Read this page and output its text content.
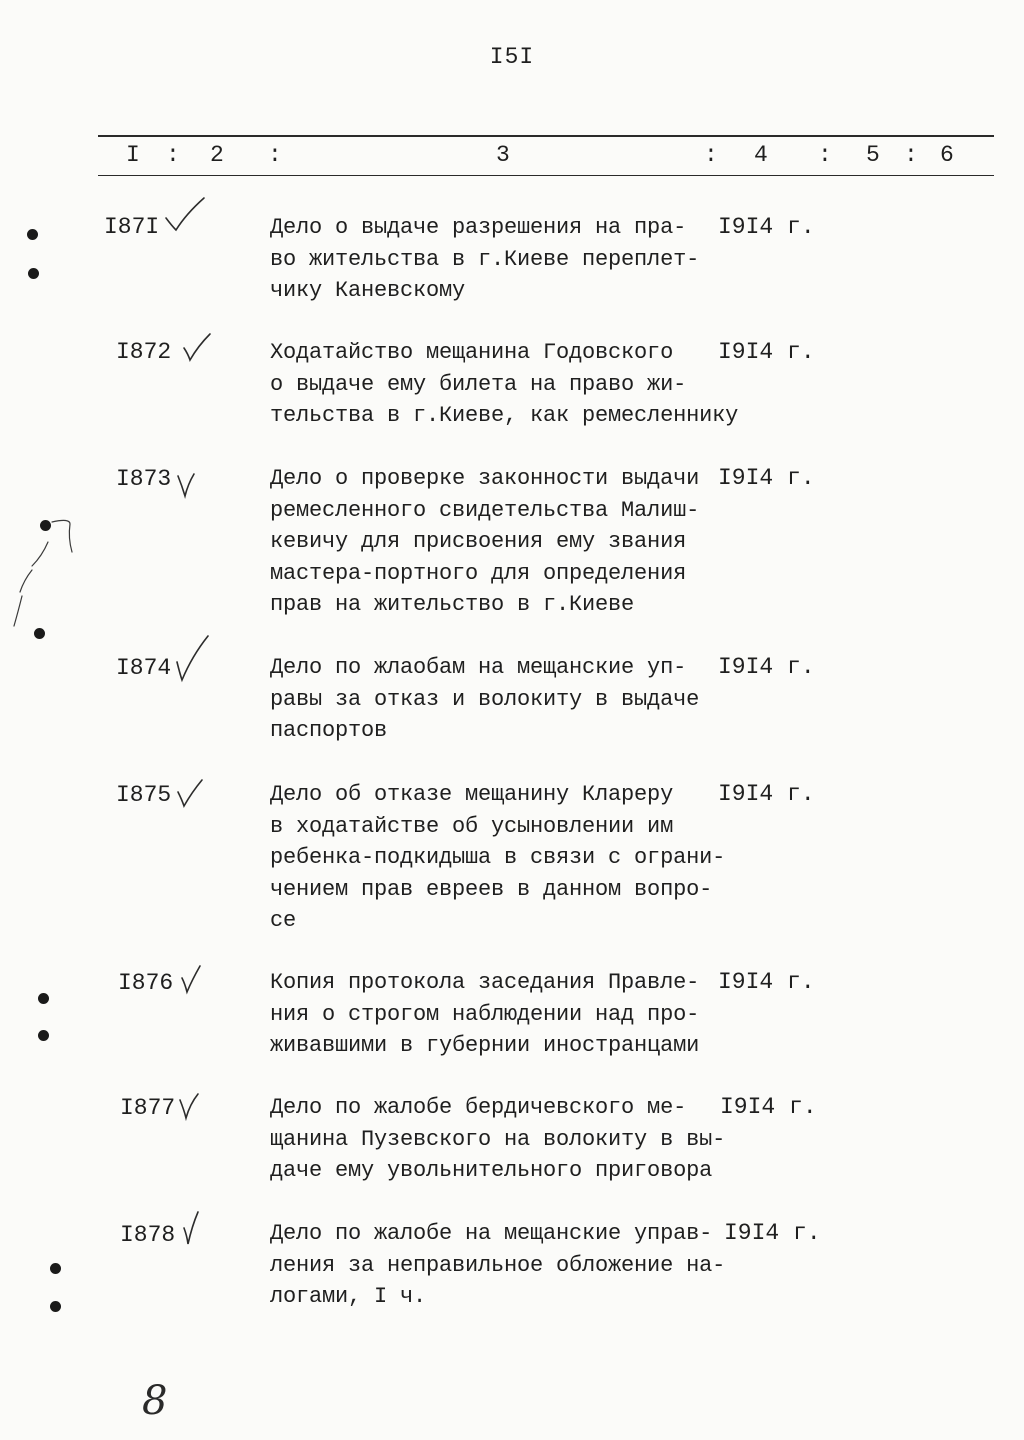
I5I
I : 2 :	3	: 4 : 5 : 6
I87I	Дело о выдаче разрешения на пра-
во жительства в г.Киеве переплет-
чику Каневскому
I9I4 г.
I872	Ходатайство мещанина Годовского
о выдаче ему билета на право жи-
тельства в г.Киеве, как ремесленнику
I9I4 г.
I873	Дело о проверке законности выдачи
ремесленного свидетельства Малиш-
кевичу для присвоения ему звания
мастера-портного для определения
прав на жительство в г.Киеве
I9I4 г.
I874	Дело по жлаобам на мещанские уп-
равы за отказ и волокиту в выдаче
паспортов
I9I4 г.
I875	Дело об отказе мещанину Клареру
в ходатайстве об усыновлении им
ребенка-подкидыша в связи с ограни-
чением прав евреев в данном вопро-
се
I9I4 г.
I876	Копия протокола заседания Правле-
ния о строгом наблюдении над про-
живавшими в губернии иностранцами
I9I4 г.
I877	Дело по жалобе бердичевского ме-
щанина Пузевского на волокиту в вы-
даче ему увольнительного приговора
I9I4 г.
I878	Дело по жалобе на мещанские управ-
ления за неправильное обложение на-
логами, I ч.
I9I4 г.
8
